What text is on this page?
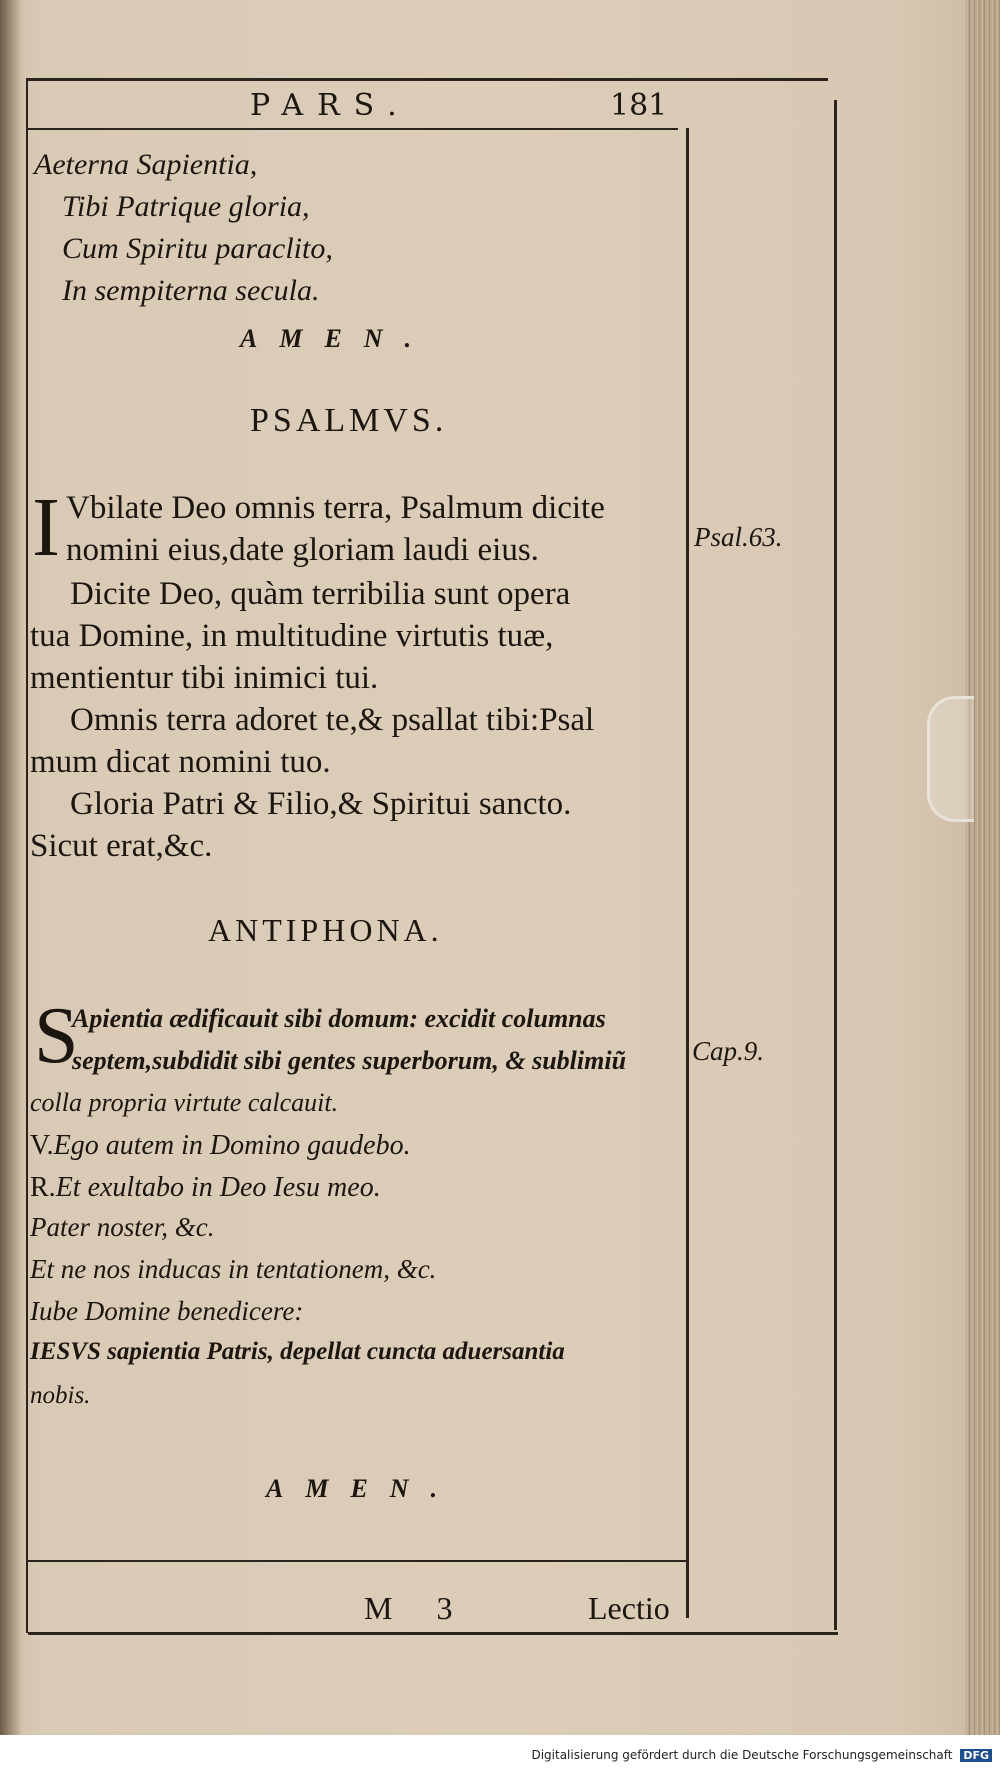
PARS.	181
Aeterna Sapientia,
Tibi Patrique gloria,
Cum Spiritu paraclito,
In sempiterna secula.
AMEN.
PSALMVS.
I Vbilate Deo omnis terra, Psalmum dicite
nomini eius,date gloriam laudi eius.
Dicite Deo, quàm terribilia sunt opera
tua Domine, in multitudine virtutis tuæ,
mentientur tibi inimici tui.
Omnis terra adoret te,& psallat tibi:Psal
mum dicat nomini tuo.
Gloria Patri & Filio,& Spiritui sancto.
Sicut erat,&c.
Psal.63.
ANTIPHONA.
S
Apientia ædificauit sibi domum: excidit columnas
septem,subdidit sibi gentes superborum, & sublimiũ
colla propria virtute calcauit.
Cap.9.
V.Ego autem in Domino gaudebo.
R.Et exultabo in Deo Iesu meo.
Pater noster, &c.
Et ne nos inducas in tentationem, &c.
Iube Domine benedicere:
IESVS sapientia Patris, depellat cuncta aduersantia
nobis.
AMEN.
M 3	Lectio
Digitalisierung gefördert durch die Deutsche Forschungsgemeinschaft DFG
